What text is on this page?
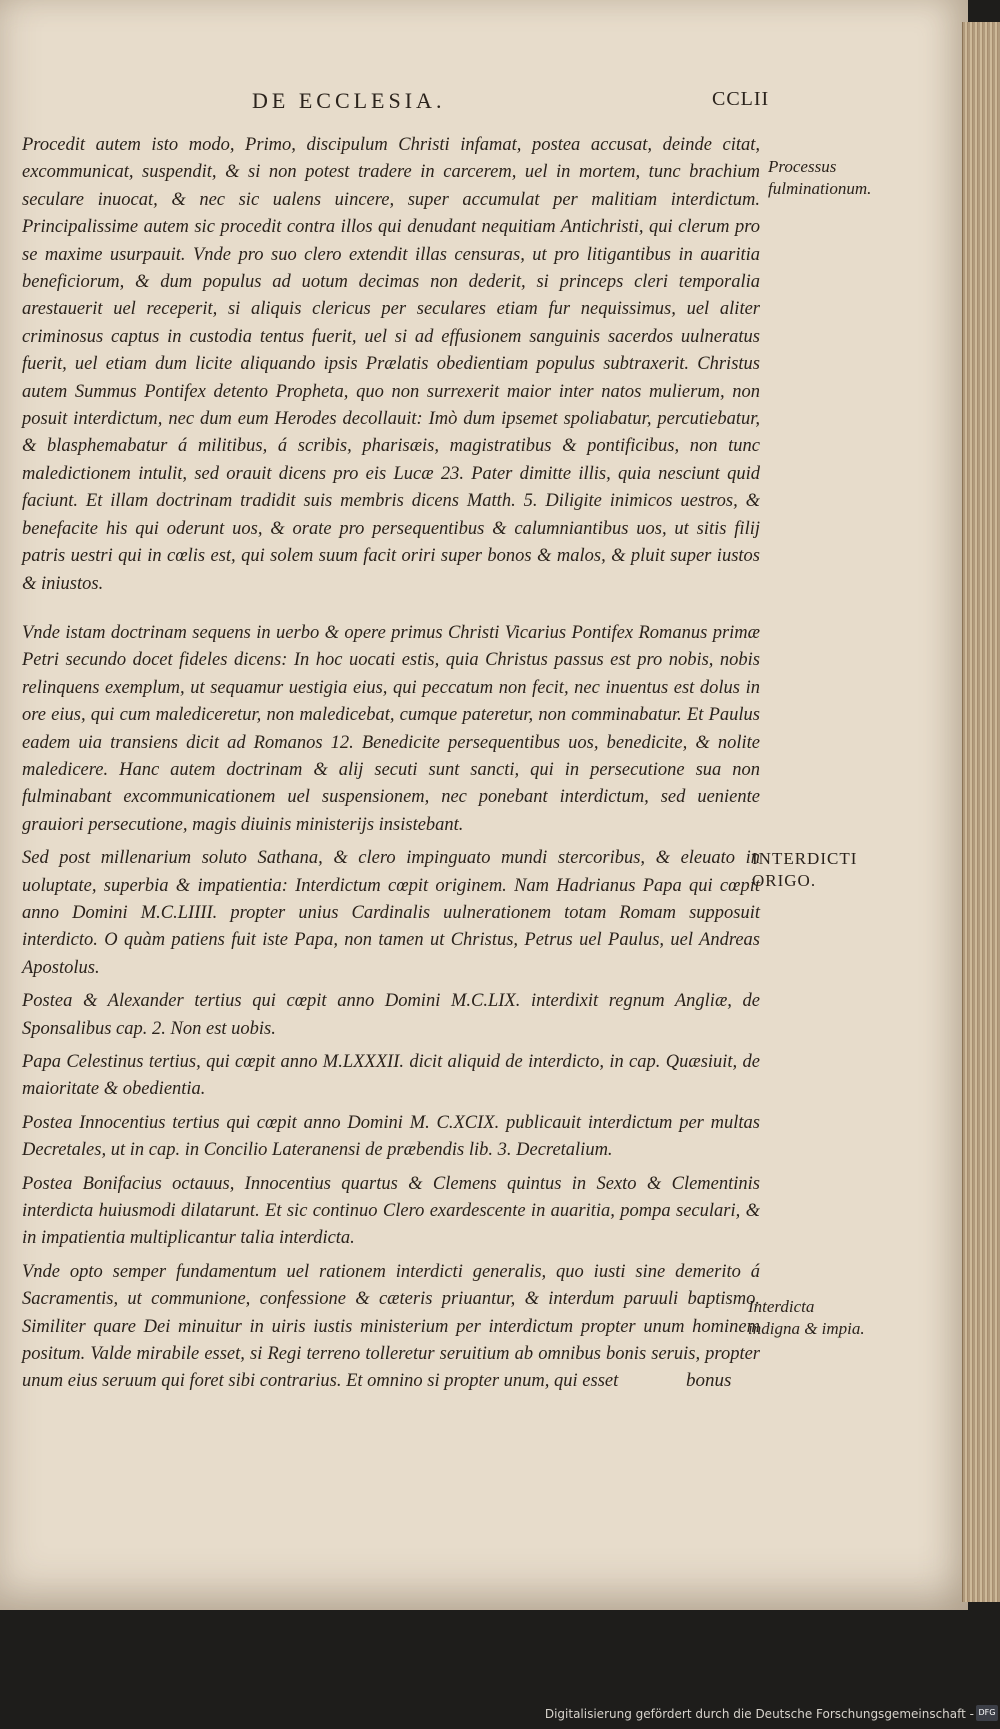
DE ECCLESIA.	CCLII

Procedit autem isto modo, Primo, discipulum Christi infamat, postea accusat, deinde citat, excommunicat, suspendit, & si non potest tradere in carcerem, uel in mortem, tunc brachium seculare inuocat, & nec sic ualens uincere, super accumulat per malitiam interdictum. Principalissime autem sic procedit contra illos qui denudant nequitiam Antichristi, qui clerum pro se maxime usurpauit. Vnde pro suo clero extendit illas censuras, ut pro litigantibus in auaritia beneficiorum, & dum populus ad uotum decimas non dederit, si princeps cleri temporalia arestauerit uel receperit, si aliquis clericus per seculares etiam fur nequissimus, uel aliter criminosus captus in custodia tentus fuerit, uel si ad effusionem sanguinis sacerdos uulneratus fuerit, uel etiam dum licite aliquando ipsis Prælatis obedientiam populus subtraxerit. Christus autem Summus Pontifex detento Propheta, quo non surrexerit maior inter natos mulierum, non posuit interdictum, nec dum eum Herodes decollauit: Imò dum ipsemet spoliabatur, percutiebatur, & blasphemabatur á militibus, á scribis, pharisæis, magistratibus & pontificibus, non tunc maledictionem intulit, sed orauit dicens pro eis Lucæ 23. Pater dimitte illis, quia nesciunt quid faciunt. Et illam doctrinam tradidit suis membris dicens Matth. 5. Diligite inimicos uestros, & benefacite his qui oderunt uos, & orate pro persequentibus & calumniantibus uos, ut sitis filij patris uestri qui in cœlis est, qui solem suum facit oriri super bonos & malos, & pluit super iustos & iniustos.

Vnde istam doctrinam sequens in uerbo & opere primus Christi Vicarius Pontifex Romanus primæ Petri secundo docet fideles dicens: In hoc uocati estis, quia Christus passus est pro nobis, nobis relinquens exemplum, ut sequamur uestigia eius, qui peccatum non fecit, nec inuentus est dolus in ore eius, qui cum malediceretur, non maledicebat, cumque pateretur, non comminabatur. Et Paulus eadem uia transiens dicit ad Romanos 12. Benedicite persequentibus uos, benedicite, & nolite maledicere. Hanc autem doctrinam & alij secuti sunt sancti, qui in persecutione sua non fulminabant excommunicationem uel suspensionem, nec ponebant interdictum, sed ueniente grauiori persecutione, magis diuinis ministerijs insistebant.

Sed post millenarium soluto Sathana, & clero impinguato mundi stercoribus, & eleuato in uoluptate, superbia & impatientia: Interdictum cœpit originem. Nam Hadrianus Papa qui cœpit anno Domini M.C.LIIII. propter unius Cardinalis uulnerationem totam Romam supposuit interdicto. O quàm patiens fuit iste Papa, non tamen ut Christus, Petrus uel Paulus, uel Andreas Apostolus.

Postea & Alexander tertius qui cœpit anno Domini M.C.LIX. interdixit regnum Angliæ, de Sponsalibus cap. 2. Non est uobis.

Papa Celestinus tertius, qui cœpit anno M.LXXXII. dicit aliquid de interdicto, in cap. Quæsiuit, de maioritate & obedientia.

Postea Innocentius tertius qui cœpit anno Domini M. C.XCIX. publicauit interdictum per multas Decretales, ut in cap. in Concilio Lateranensi de præbendis lib. 3. Decretalium.

Postea Bonifacius octauus, Innocentius quartus & Clemens quintus in Sexto & Clementinis interdicta huiusmodi dilatarunt. Et sic continuo Clero exardescente in auaritia, pompa seculari, & in impatientia multiplicantur talia interdicta.

Vnde opto semper fundamentum uel rationem interdicti generalis, quo iusti sine demerito á Sacramentis, ut communione, confessione & cæteris priuantur, & interdum paruuli baptismo. Similiter quare Dei minuitur in uiris iustis ministerium per interdictum propter unum hominem positum. Valde mirabile esset, si Regi terreno tolleretur seruitium ab omnibus bonis seruis, propter unum eius seruum qui foret sibi contrarius. Et omnino si propter unum, qui esset

Processus fulminationum.
INTERDICTI ORIGO.
Interdicta indigna & impia.
bonus
Digitalisierung gefördert durch die Deutsche Forschungsgemeinschaft - DFG
